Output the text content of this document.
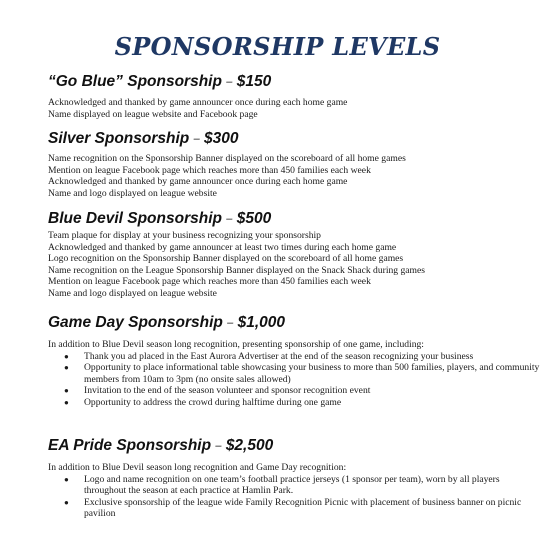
SPONSORSHIP LEVELS
“Go Blue” Sponsorship – $150

Acknowledged and thanked by game announcer once during each home game

Name displayed on league website and Facebook page

Silver Sponsorship – $300

Name recognition on the Sponsorship Banner displayed on the scoreboard of all home games

Mention on league Facebook page which reaches more than 450 families each week

Acknowledged and thanked by game announcer once during each home game

Name and logo displayed on league website

Blue Devil Sponsorship – $500

Team plaque for display at your business recognizing your sponsorship

Acknowledged and thanked by game announcer at least two times during each home game

Logo recognition on the Sponsorship Banner displayed on the scoreboard of all home games

Name recognition on the League Sponsorship Banner displayed on the Snack Shack during games

Mention on league Facebook page which reaches more than 450 families each week

Name and logo displayed on league website

Game Day Sponsorship – $1,000

In addition to Blue Devil season long recognition, presenting sponsorship of one game, including:

● Thank you ad placed in the East Aurora Advertiser at the end of the season recognizing your business
● Opportunity to place informational table showcasing your business to more than 500 families, players, and community members from 10am to 3pm (no onsite sales allowed)
● Invitation to the end of the season volunteer and sponsor recognition event
● Opportunity to address the crowd during halftime during one game
EA Pride Sponsorship – $2,500

In addition to Blue Devil season long recognition and Game Day recognition:

● Logo and name recognition on one team’s football practice jerseys (1 sponsor per team), worn by all players throughout the season at each practice at Hamlin Park.
● Exclusive sponsorship of the league wide Family Recognition Picnic with placement of business banner on picnic pavilion
